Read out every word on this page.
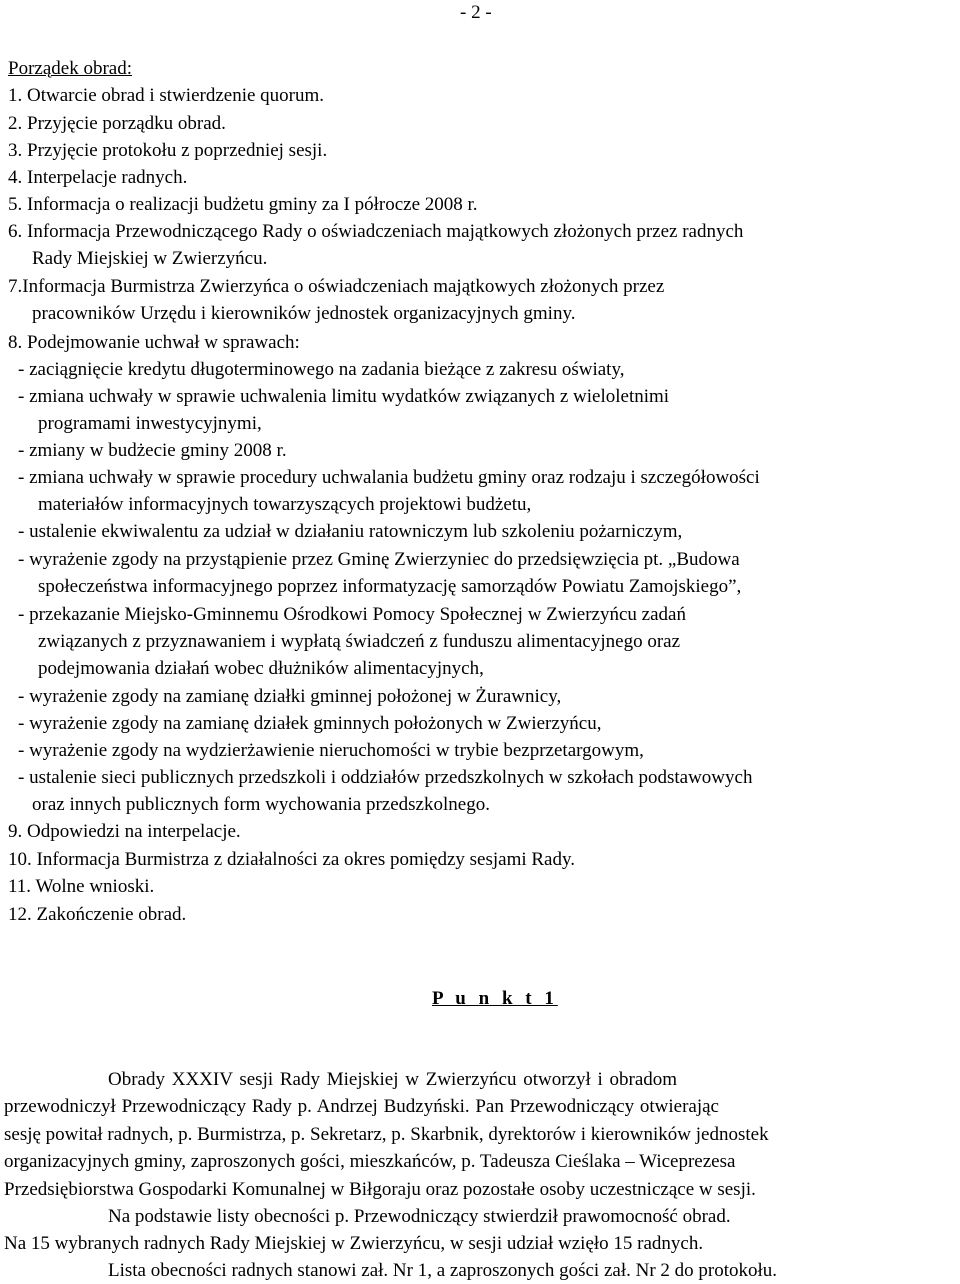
- 2 -
Porządek obrad:
1. Otwarcie obrad i stwierdzenie quorum.
2. Przyjęcie porządku obrad.
3. Przyjęcie protokołu z poprzedniej sesji.
4. Interpelacje radnych.
5. Informacja o realizacji budżetu gminy za I półrocze 2008 r.
6. Informacja Przewodniczącego Rady o oświadczeniach majątkowych złożonych przez radnych
Rady Miejskiej w Zwierzyńcu.
7.Informacja Burmistrza Zwierzyńca o oświadczeniach majątkowych złożonych przez
pracowników Urzędu i kierowników jednostek organizacyjnych gminy.
8. Podejmowanie uchwał w sprawach:
- zaciągnięcie kredytu długoterminowego na zadania bieżące z zakresu oświaty,
- zmiana uchwały w sprawie uchwalenia limitu wydatków związanych z wieloletnimi
programami inwestycyjnymi,
- zmiany w budżecie gminy 2008 r.
- zmiana uchwały w sprawie procedury uchwalania budżetu gminy oraz rodzaju i szczegółowości
materiałów informacyjnych towarzyszących projektowi budżetu,
- ustalenie ekwiwalentu za udział w działaniu ratowniczym lub szkoleniu pożarniczym,
- wyrażenie zgody na przystąpienie przez Gminę Zwierzyniec do przedsięwzięcia pt. „Budowa
społeczeństwa informacyjnego poprzez informatyzację samorządów Powiatu Zamojskiego”,
- przekazanie Miejsko-Gminnemu Ośrodkowi Pomocy Społecznej w Zwierzyńcu zadań
związanych z przyznawaniem i wypłatą świadczeń z funduszu alimentacyjnego oraz
podejmowania działań wobec dłużników alimentacyjnych,
- wyrażenie zgody na zamianę działki gminnej położonej w Żurawnicy,
- wyrażenie zgody na zamianę działek gminnych położonych w Zwierzyńcu,
- wyrażenie zgody na wydzierżawienie nieruchomości w trybie bezprzetargowym,
- ustalenie sieci publicznych przedszkoli i oddziałów przedszkolnych w szkołach podstawowych
oraz innych publicznych form wychowania przedszkolnego.
9. Odpowiedzi na interpelacje.
10. Informacja Burmistrza z działalności za okres pomiędzy sesjami Rady.
11. Wolne wnioski.
12. Zakończenie obrad.
P u n k t 1
Obrady XXXIV sesji Rady Miejskiej w Zwierzyńcu otworzył i obradom
przewodniczył Przewodniczący Rady p. Andrzej Budzyński. Pan Przewodniczący otwierając
sesję powitał radnych, p. Burmistrza, p. Sekretarz, p. Skarbnik, dyrektorów i kierowników jednostek
organizacyjnych gminy, zaproszonych gości, mieszkańców, p. Tadeusza Cieślaka – Wiceprezesa
Przedsiębiorstwa Gospodarki Komunalnej w Biłgoraju oraz pozostałe osoby uczestniczące w sesji.
Na podstawie listy obecności p. Przewodniczący stwierdził prawomocność obrad.
Na 15 wybranych radnych Rady Miejskiej w Zwierzyńcu, w sesji udział wzięło 15 radnych.
Lista obecności radnych stanowi zał. Nr 1, a zaproszonych gości zał. Nr 2 do protokołu.
